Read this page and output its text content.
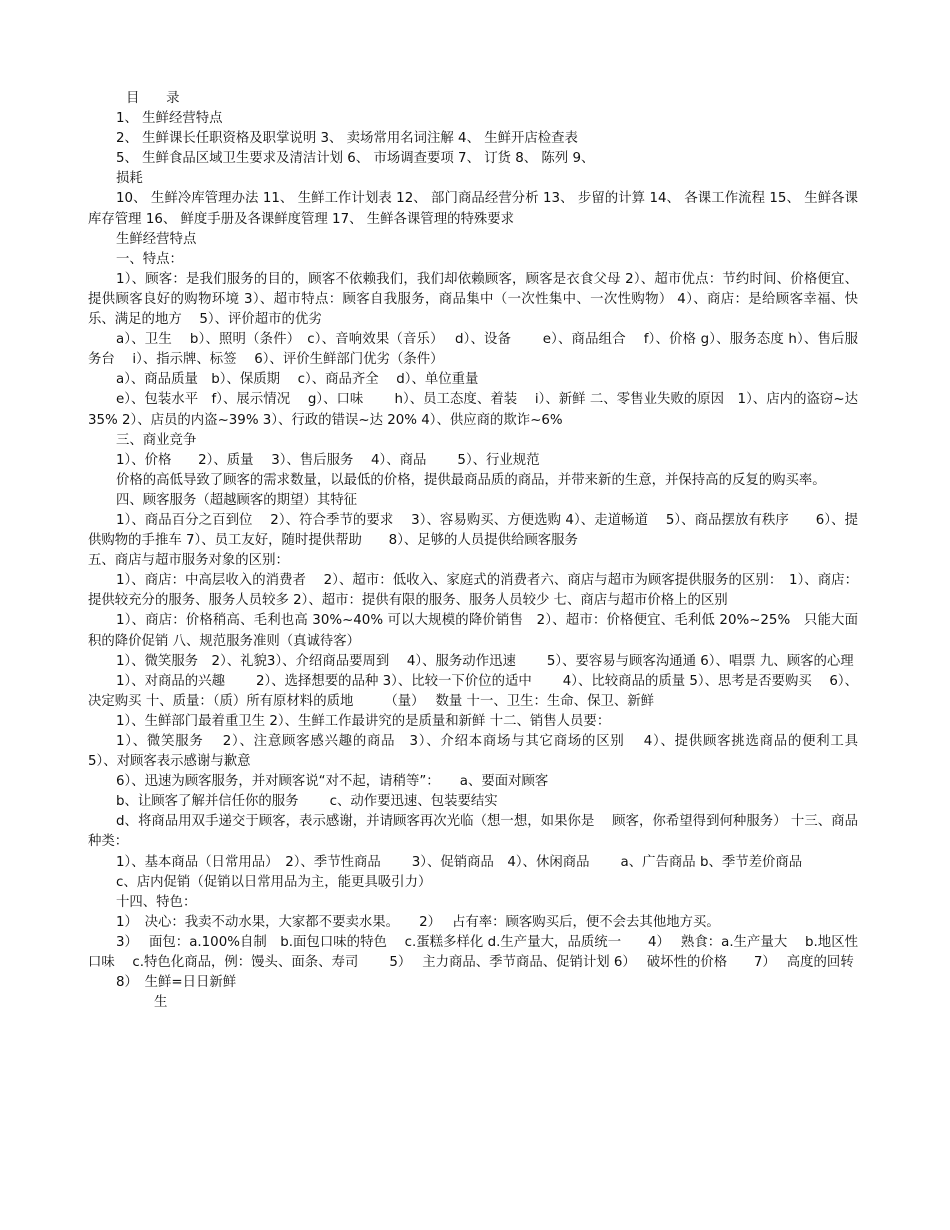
目　　录
1、 生鲜经营特点
2、 生鲜课长任职资格及职掌说明 3、 卖场常用名词注解 4、 生鲜开店检查表
5、 生鲜食品区域卫生要求及清洁计划 6、 市场调查要项 7、 订货 8、 陈列 9、
损耗
10、 生鲜冷库管理办法 11、 生鲜工作计划表 12、 部门商品经营分析 13、 步留的计算 14、 各课工作流程 15、 生鲜各课库存管理 16、 鲜度手册及各课鲜度管理 17、 生鲜各课管理的特殊要求
生鲜经营特点
一、特点：
1）、顾客：是我们服务的目的，顾客不依赖我们，我们却依赖顾客，顾客是衣食父母 2）、超市优点：节约时间、价格便宜、提供顾客良好的购物环境 3）、超市特点：顾客自我服务，商品集中（一次性集中、一次性购物） 4）、商店：是给顾客幸福、快乐、满足的地方　 5）、评价超市的优劣
a）、卫生　 b）、照明（条件）　c）、音响效果（音乐）　 d）、设备　　 e）、商品组合　 f）、价格 g）、服务态度 h）、售后服务台　 i）、指示牌、标签　 6）、评价生鲜部门优劣（条件）
a）、商品质量　b）、保质期　 c）、商品齐全　 d）、单位重量
e）、包装水平　f）、展示情况　 g）、口味　　 h）、员工态度、着装　 i）、新鲜 二、零售业失败的原因　1）、店内的盗窃~达 35% 2）、店员的内盗~39% 3）、行政的错误~达 20% 4）、供应商的欺诈~6%
三、商业竞争
1）、价格　　2）、质量　 3）、售后服务　 4）、商品　　 5）、行业规范
价格的高低导致了顾客的需求数量，以最低的价格，提供最商品质的商品，并带来新的生意，并保持高的反复的购买率。
四、顾客服务（超越顾客的期望）其特征
1）、商品百分之百到位　 2）、符合季节的要求　 3）、容易购买、方便选购 4）、走道畅道　 5）、商品摆放有秩序　　6）、提供购物的手推车 7）、员工友好，随时提供帮助　　8）、足够的人员提供给顾客服务
五、商店与超市服务对象的区别：
1）、商店：中高层收入的消费者　 2）、超市：低收入、家庭式的消费者六、商店与超市为顾客提供服务的区别：　1）、商店：提供较充分的服务、服务人员较多 2）、超市：提供有限的服务、服务人员较少 七、商店与超市价格上的区别
1）、商店：价格稍高、毛利也高 30%~40% 可以大规模的降价销售　2）、超市：价格便宜、毛利低 20%~25%　只能大面积的降价促销 八、规范服务准则（真诚待客）
1）、微笑服务　2）、礼貌3）、介绍商品要周到　 4）、服务动作迅速　　 5）、要容易与顾客沟通通 6）、唱票 九、顾客的心理
1）、对商品的兴趣　　 2）、选择想要的品种 3）、比较一下价位的适中　　 4）、比较商品的质量 5）、思考是否要购买　 6）、决定购买 十、质量：（质）所有原材料的质地　　 （量）　 数量 十一、卫生：生命、保卫、新鲜
1）、生鲜部门最着重卫生 2）、生鲜工作最讲究的是质量和新鲜 十二、销售人员要：
1）、微笑服务　 2）、注意顾客感兴趣的商品　3）、介绍本商场与其它商场的区别　 4）、提供顾客挑选商品的便利工具　 5）、对顾客表示感谢与歉意
6）、迅速为顾客服务，并对顾客说“对不起，请稍等”：　　a、要面对顾客
b、让顾客了解并信任你的服务　　 c、动作要迅速、包装要结实
d、将商品用双手递交于顾客，表示感谢，并请顾客再次光临（想一想，如果你是　 顾客，你希望得到何种服务） 十三、商品种类：
1）、基本商品（日常用品）　2）、季节性商品　　 3）、促销商品　4）、休闲商品　　 a、广告商品 b、季节差价商品
c、店内促销（促销以日常用品为主，能更具吸引力）
十四、特色：
1）　决心：我卖不动水果，大家都不要卖水果。　　2）　 占有率：顾客购买后，便不会去其他地方买。
3）　 面包：a.100%自制　b.面包口味的特色　 c.蛋糕多样化 d.生产量大，品质统一　　4）　 熟食：a.生产量大　 b.地区性口味　 c.特色化商品，例：馒头、面条、寿司　　 5）　 主力商品、季节商品、促销计划 6）　 破坏性的价格　　7）　 高度的回转
8）　生鲜=日日新鲜
生
